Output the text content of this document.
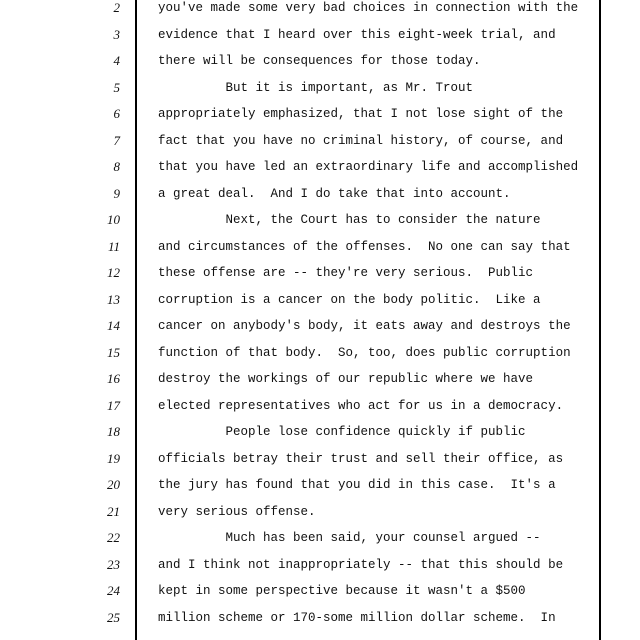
2	you've made some very bad choices in connection with the
3	evidence that I heard over this eight-week trial, and
4	there will be consequences for those today.
5	But it is important, as Mr. Trout
6	appropriately emphasized, that I not lose sight of the
7	fact that you have no criminal history, of course, and
8	that you have led an extraordinary life and accomplished
9	a great deal.  And I do take that into account.
10	Next, the Court has to consider the nature
11	and circumstances of the offenses.  No one can say that
12	these offense are -- they're very serious.  Public
13	corruption is a cancer on the body politic.  Like a
14	cancer on anybody's body, it eats away and destroys the
15	function of that body.  So, too, does public corruption
16	destroy the workings of our republic where we have
17	elected representatives who act for us in a democracy.
18	People lose confidence quickly if public
19	officials betray their trust and sell their office, as
20	the jury has found that you did in this case.  It's a
21	very serious offense.
22	Much has been said, your counsel argued --
23	and I think not inappropriately -- that this should be
24	kept in some perspective because it wasn't a $500
25	million scheme or 170-some million dollar scheme.  In
